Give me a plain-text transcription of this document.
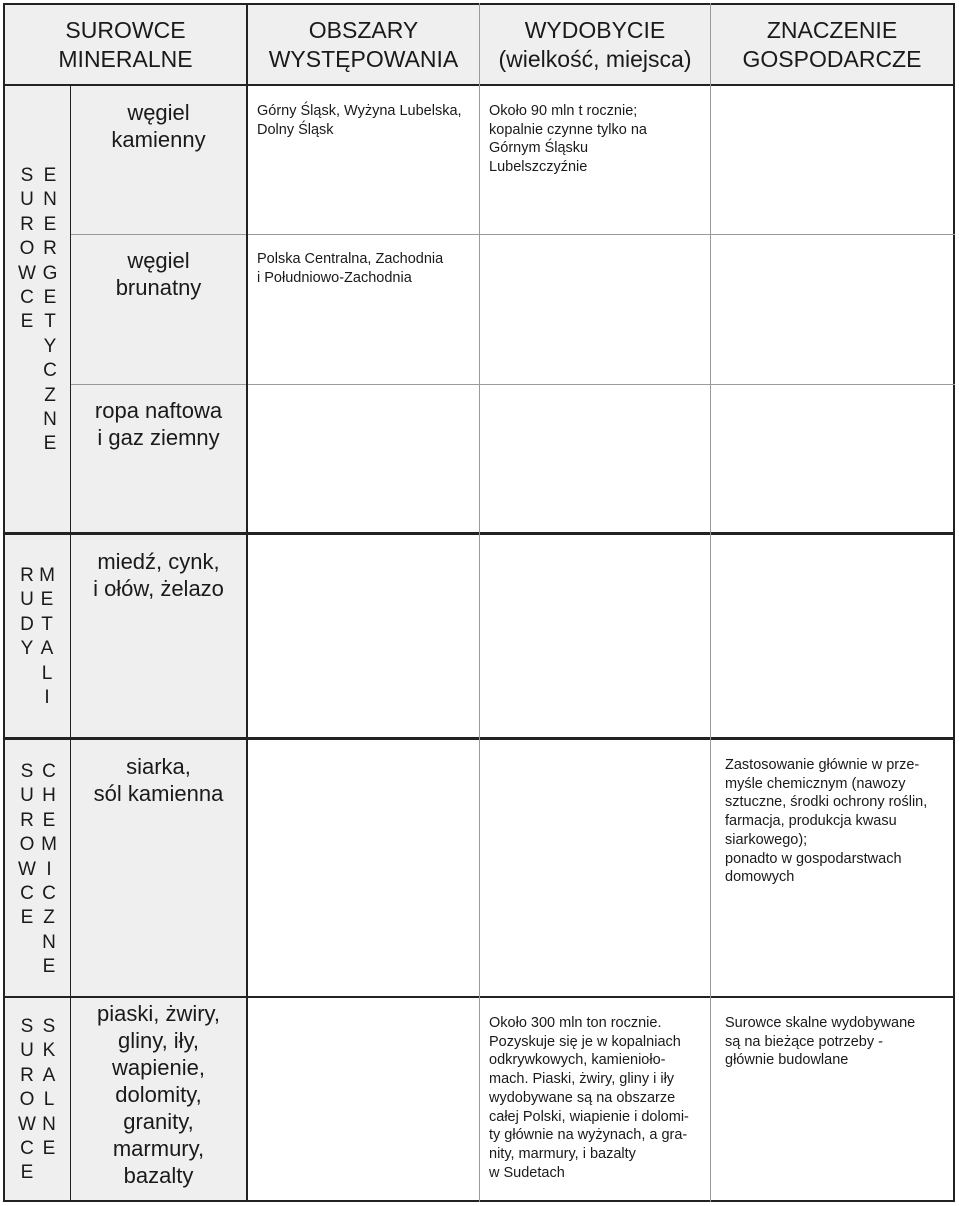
SUROWCE
MINERALNE
OBSZARY
WYSTĘPOWANIA
WYDOBYCIE
(wielkość, miejsca)
ZNACZENIE
GOSPODARCZE
S
U
R
O
W
C
E
E
N
E
R
G
E
T
Y
C
Z
N
E
R
U
D
Y
M
E
T
A
L
I
S
U
R
O
W
C
E
C
H
E
M
I
C
Z
N
E
S
U
R
O
W
C
E
S
K
A
L
N
E
węgiel
kamienny
węgiel
brunatny
ropa naftowa
i gaz ziemny
miedź, cynk,
i ołów, żelazo
siarka,
sól kamienna
piaski, żwiry,
gliny, iły,
wapienie,
dolomity,
granity,
marmury,
bazalty
Górny Śląsk, Wyżyna Lubelska,
Dolny Śląsk
Polska Centralna, Zachodnia
i Południowo-Zachodnia
Około 90 mln t rocznie;
kopalnie czynne tylko na
Górnym Śląsku
Lubelszczyźnie
Około 300 mln ton rocznie.
Pozyskuje się je w kopalniach
odkrywkowych, kamienioło-
mach. Piaski, żwiry, gliny i iły
wydobywane są na obszarze
całej Polski, wiapienie i dolomi-
ty głównie na wyżynach, a gra-
nity, marmury, i bazalty
w Sudetach
Zastosowanie głównie w prze-
myśle chemicznym (nawozy
sztuczne, środki ochrony roślin,
farmacja, produkcja kwasu
siarkowego);
ponadto w gospodarstwach
domowych
Surowce skalne wydobywane
są na bieżące potrzeby -
głównie budowlane
